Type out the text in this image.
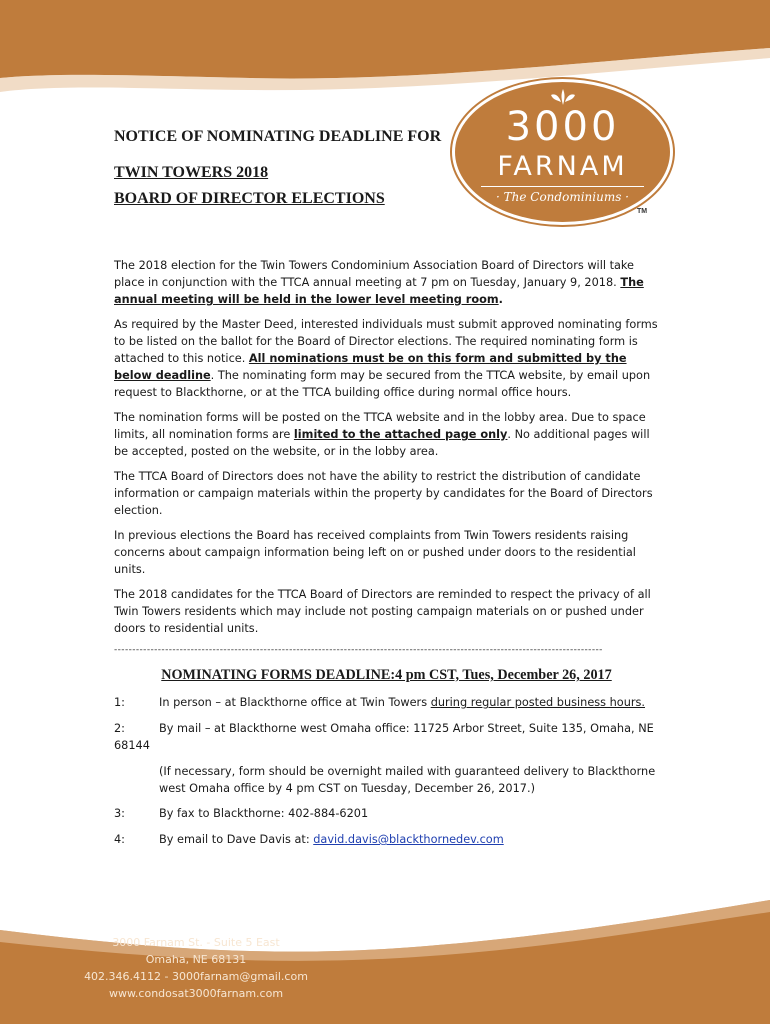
3000
FARNAM
· The Condominiums ·
TM
NOTICE OF NOMINATING DEADLINE FOR
TWIN TOWERS 2018
BOARD OF DIRECTOR ELECTIONS

The 2018 election for the Twin Towers Condominium Association Board of Directors will take place in conjunction with the TTCA annual meeting at 7 pm on Tuesday, January 9, 2018. The annual meeting will be held in the lower level meeting room.

As required by the Master Deed, interested individuals must submit approved nominating forms to be listed on the ballot for the Board of Director elections. The required nominating form is attached to this notice. All nominations must be on this form and submitted by the below deadline. The nominating form may be secured from the TTCA website, by email upon request to Blackthorne, or at the TTCA building office during normal office hours.

The nomination forms will be posted on the TTCA website and in the lobby area. Due to space limits, all nomination forms are limited to the attached page only. No additional pages will be accepted, posted on the website, or in the lobby area.

The TTCA Board of Directors does not have the ability to restrict the distribution of candidate information or campaign materials within the property by candidates for the Board of Directors election.

In previous elections the Board has received complaints from Twin Towers residents raising concerns about campaign information being left on or pushed under doors to the residential units.

The 2018 candidates for the TTCA Board of Directors are reminded to respect the privacy of all Twin Towers residents which may include not posting campaign materials on or pushed under doors to residential units.

--------------------------------------------------------------------------------------------------------------------------------------
NOMINATING FORMS DEADLINE:4 pm CST, Tues, December 26, 2017
1:	In person – at Blackthorne office at Twin Towers during regular posted business hours.
2:	By mail – at Blackthorne west Omaha office: 11725 Arbor Street, Suite 135, Omaha, NE 68144
(If necessary, form should be overnight mailed with guaranteed delivery to Blackthorne west Omaha office by 4 pm CST on Tuesday, December 26, 2017.)
3:	By fax to Blackthorne: 402-884-6201
4:	By email to Dave Davis at: david.davis@blackthornedev.com
3000 Farnam St. - Suite 5 East
Omaha, NE 68131
402.346.4112 - 3000farnam@gmail.com
www.condosat3000farnam.com
